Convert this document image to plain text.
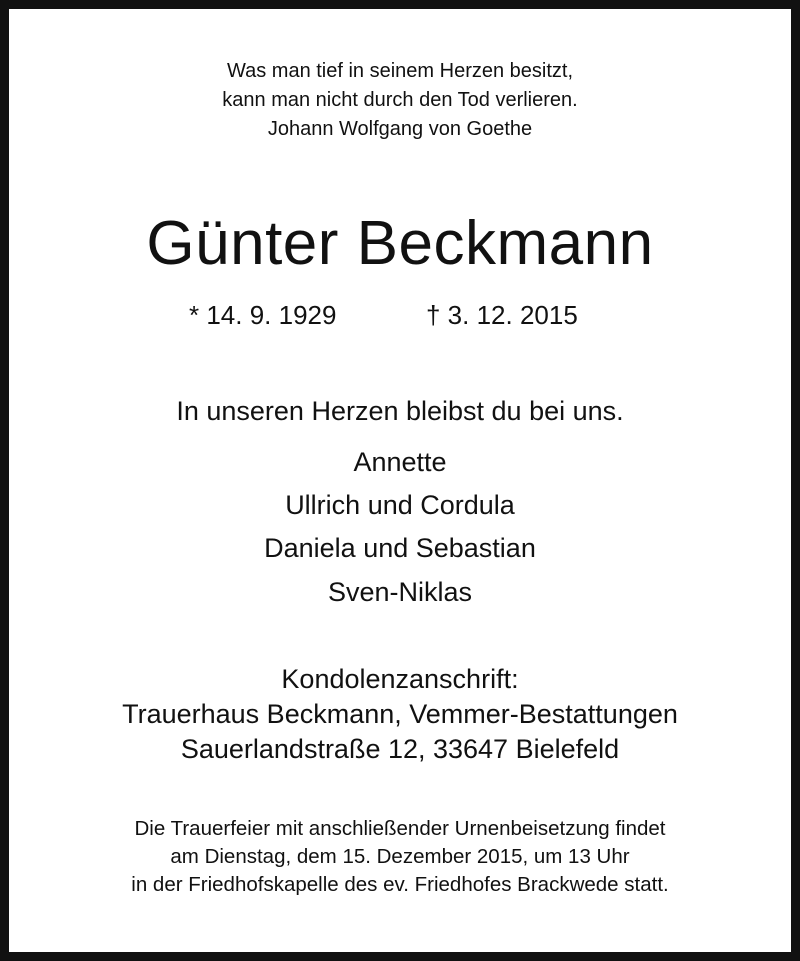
Was man tief in seinem Herzen besitzt,
kann man nicht durch den Tod verlieren.
Johann Wolfgang von Goethe
Günter Beckmann
* 14. 9. 1929	† 3. 12. 2015
In unseren Herzen bleibst du bei uns.
Annette
Ullrich und Cordula
Daniela und Sebastian
Sven-Niklas
Kondolenzanschrift:
Trauerhaus Beckmann, Vemmer-Bestattungen
Sauerlandstraße 12, 33647 Bielefeld
Die Trauerfeier mit anschließender Urnenbeisetzung findet
am Dienstag, dem 15. Dezember 2015, um 13 Uhr
in der Friedhofskapelle des ev. Friedhofes Brackwede statt.
